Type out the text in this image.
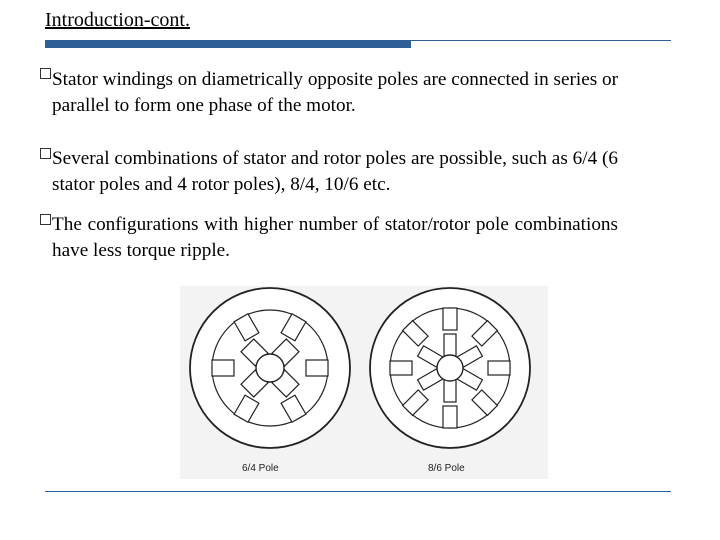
Introduction-cont.
Stator windings on diametrically opposite poles are connected in series or parallel to form one phase of the motor.
Several combinations of stator and rotor poles are possible, such as 6/4 (6 stator poles and 4 rotor poles), 8/4, 10/6 etc.
The configurations with higher number of stator/rotor pole combinations have less torque ripple.
6/4 Pole	8/6 Pole
